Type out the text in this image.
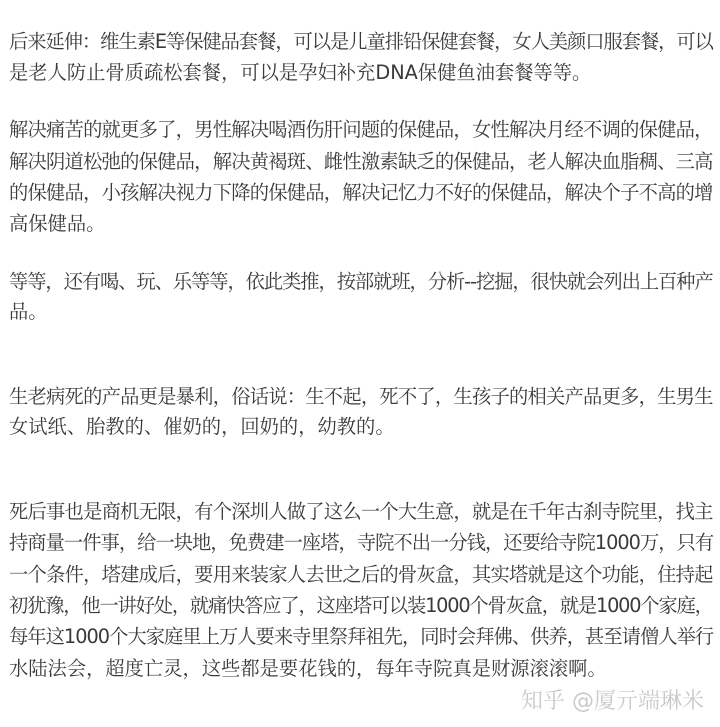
后来延伸：维生素E等保健品套餐，可以是儿童排铅保健套餐，女人美颜口服套餐，可以
是老人防止骨质疏松套餐，可以是孕妇补充DNA保健鱼油套餐等等。
解决痛苦的就更多了，男性解决喝酒伤肝问题的保健品，女性解决月经不调的保健品，
解决阴道松弛的保健品，解决黄褐斑、雌性激素缺乏的保健品，老人解决血脂稠、三高
的保健品，小孩解决视力下降的保健品，解决记忆力不好的保健品，解决个子不高的增
高保健品。
等等，还有喝、玩、乐等等，依此类推，按部就班，分析--挖掘，很快就会列出上百种产
品。
生老病死的产品更是暴利，俗话说：生不起，死不了，生孩子的相关产品更多，生男生
女试纸、胎教的、催奶的，回奶的，幼教的。
死后事也是商机无限，有个深圳人做了这么一个大生意，就是在千年古刹寺院里，找主
持商量一件事，给一块地，免费建一座塔，寺院不出一分钱，还要给寺院1000万，只有
一个条件，塔建成后，要用来装家人去世之后的骨灰盒，其实塔就是这个功能，住持起
初犹豫，他一讲好处，就痛快答应了，这座塔可以装1000个骨灰盒，就是1000个家庭，
每年这1000个大家庭里上万人要来寺里祭拜祖先，同时会拜佛、供养，甚至请僧人举行
水陆法会，超度亡灵，这些都是要花钱的，每年寺院真是财源滚滚啊。
知乎 @厦亓端琳米
